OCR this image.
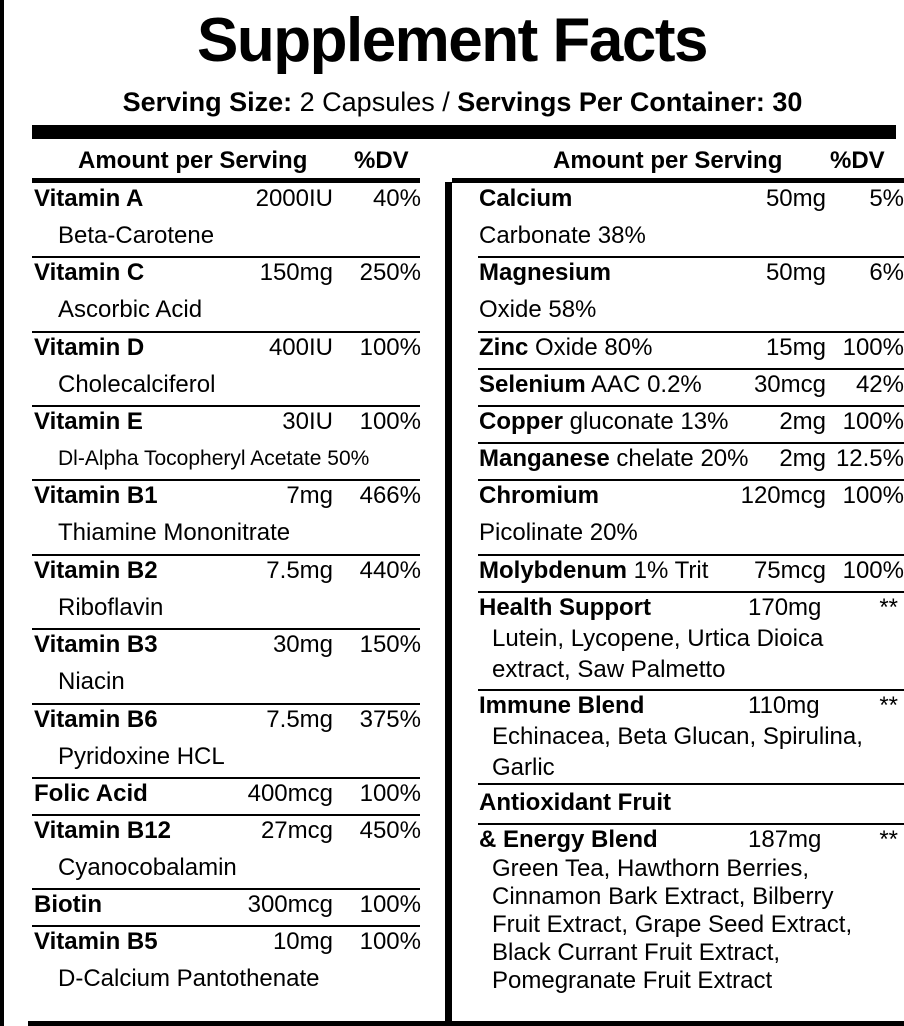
Supplement Facts
Serving Size: 2 Capsules / Servings Per Container: 30
Amount per Serving %DV	Amount per Serving %DV
Vitamin A	2000IU	40%
Beta-Carotene
Vitamin C	150mg	250%
Ascorbic Acid
Vitamin D	400IU	100%
Cholecalciferol
Vitamin E	30IU	100%
Dl-Alpha Tocopheryl Acetate 50%
Vitamin B1	7mg	466%
Thiamine Mononitrate
Vitamin B2	7.5mg	440%
Riboflavin
Vitamin B3	30mg	150%
Niacin
Vitamin B6	7.5mg	375%
Pyridoxine HCL
Folic Acid	400mcg	100%
Vitamin B12	27mcg	450%
Cyanocobalamin
Biotin	300mcg	100%
Vitamin B5	10mg	100%
D-Calcium Pantothenate
Calcium	50mg	5%
Carbonate 38%
Magnesium	50mg	6%
Oxide 58%
Zinc Oxide 80%	15mg 100%
Selenium AAC 0.2%	30mcg	42%
Copper gluconate 13%	2mg 100%
Manganese chelate 20%	2mg 12.5%
Chromium	120mcg 100%
Picolinate 20%
Molybdenum 1% Trit	75mcg 100%
Health Support	170mg	**
Lutein, Lycopene, Urtica Dioica
extract, Saw Palmetto
Immune Blend	110mg	**
Echinacea, Beta Glucan, Spirulina,
Garlic
Antioxidant Fruit
& Energy Blend	187mg	**
Green Tea, Hawthorn Berries,
Cinnamon Bark Extract, Bilberry
Fruit Extract, Grape Seed Extract,
Black Currant Fruit Extract,
Pomegranate Fruit Extract
